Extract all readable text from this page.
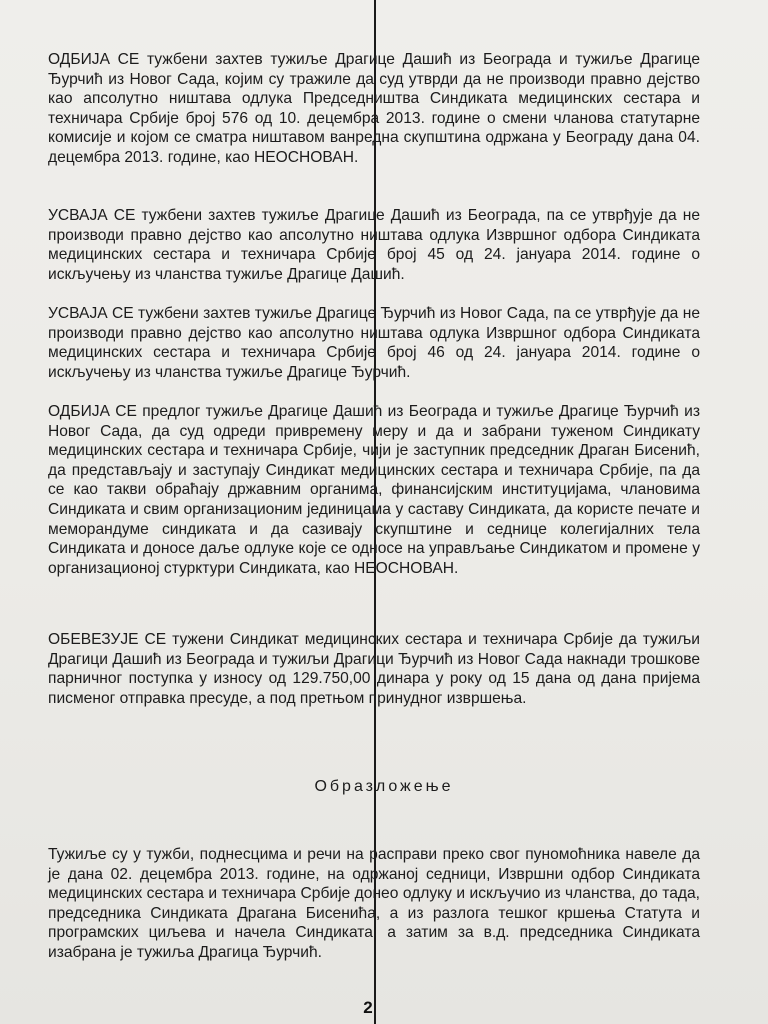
ОДБИЈА СЕ тужбени захтев тужиље Драгице Дашић из Београда и тужиље Драгице Ђурчић из Новог Сада, којим су тражиле да суд утврди да не производи правно дејство као апсолутно ништава одлука Председништва Синдиката медицинских сестара и техничара Србије број 576 од 10. децембра 2013. године о смени чланова статутарне комисије и којом се сматра ништавом ванредна скупштина одржана у Београду дана 04. децембра 2013. године, као НЕОСНОВАН.

УСВАЈА СЕ тужбени захтев тужиље Драгице Дашић из Београда, па се утврђује да не производи правно дејство као апсолутно ништава одлука Извршног одбора Синдиката медицинских сестара и техничара Србије број 45 од 24. јануара 2014. године о искључењу из чланства тужиље Драгице Дашић.

УСВАЈА СЕ тужбени захтев тужиље Драгице Ђурчић из Новог Сада, па се утврђује да не производи правно дејство као апсолутно ништава одлука Извршног одбора Синдиката медицинских сестара и техничара Србије број 46 од 24. јануара 2014. године о искључењу из чланства тужиље Драгице Ђурчић.

ОДБИЈА СЕ предлог тужиље Драгице Дашић из Београда и тужиље Драгице Ђурчић из Новог Сада, да суд одреди привремену меру и да и забрани туженом Синдикату медицинских сестара и техничара Србије, чији је заступник председник Драган Бисенић, да представљају и заступају Синдикат медицинских сестара и техничара Србије, па да се као такви обраћају државним органима, финансијским институцијама, члановима Синдиката и свим организационим јединицама у саставу Синдиката, да користе печате и меморандуме синдиката и да сазивају скупштине и седнице колегијалних тела Синдиката и доносе даље одлуке које се односе на управљање Синдикатом и промене у организационој стурктури Синдиката, као НЕОСНОВАН.

ОБЕВЕЗУЈЕ СЕ тужени Синдикат медицинских сестара и техничара Србије да тужиљи Драгици Дашић из Београда и тужиљи Драгици Ђурчић из Новог Сада накнади трошкове парничног поступка у износу од 129.750,00 динара у року од 15 дана од дана пријема писменог отправка пресуде, а под претњом принудног извршења.

Образложење

Тужиље су у тужби, поднесцима и речи на расправи преко свог пуномоћника навеле да је дана 02. децембра 2013. године, на одржаној седници, Извршни одбор Синдиката медицинских сестара и техничара Србије донео одлуку и искључио из чланства, до тада, председника Синдиката Драгана Бисенића, а из разлога тешког кршења Статута и програмских циљева и начела Синдиката, а затим за в.д. председника Синдиката изабрана је тужиља Драгица Ђурчић.

2
